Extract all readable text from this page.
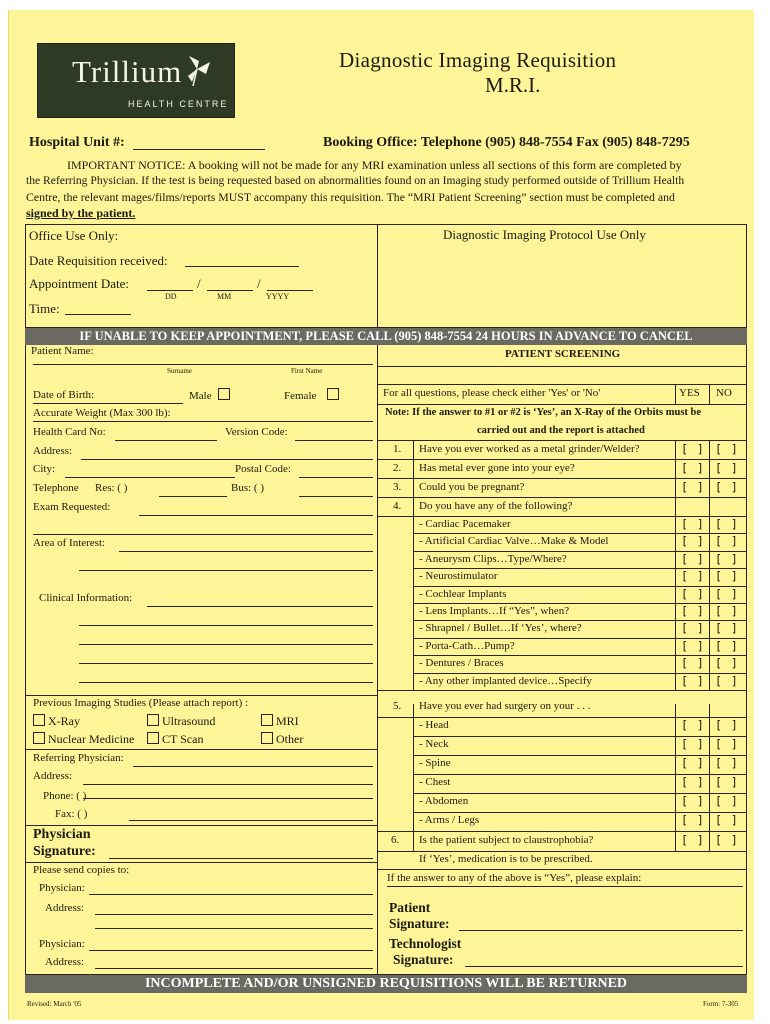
Trillium
HEALTH CENTRE
Diagnostic Imaging Requisition
M.R.I.
Hospital Unit #:	Booking Office: Telephone (905) 848-7554 Fax (905) 848-7295
IMPORTANT NOTICE: A booking will not be made for any MRI examination unless all sections of this form are completed by
the Referring Physician. If the test is being requested based on abnormalities found on an Imaging study performed outside of Trillium Health
Centre, the relevant mages/films/reports MUST accompany this requisition. The “MRI Patient Screening” section must be completed and
signed by the patient.
Office Use Only:	Diagnostic Imaging Protocol Use Only
Date Requisition received:
Appointment Date:	/	/
DD	MM	YYYY
Time:
IF UNABLE TO KEEP APPOINTMENT, PLEASE CALL (905) 848-7554 24 HOURS IN ADVANCE TO CANCEL
Patient Name:
Surname	First Name
Date of Birth:	Male	Female
Accurate Weight (Max 300 lb):
Health Card No:	Version Code:
Address:
City:	Postal Code:
Telephone Res: ( )	Bus: ( )
Exam Requested:
Area of Interest:
Clinical Information:
Previous Imaging Studies (Please attach report) :
X-Ray	Ultrasound	MRI
Nuclear Medicine	CT Scan	Other
Referring Physician:
Address:
Phone: ( )
Fax: ( )
Physician
Signature:
Please send copies to:
Physician:
Address:
Physician:
Address:
PATIENT SCREENING
For all questions, please check either 'Yes' or 'No'	YES NO
Note: If the answer to #1 or #2 is ‘Yes’, an X-Ray of the Orbits must be
carried out and the report is attached
1. Have you ever worked as a metal grinder/Welder?	[ ] [ ]
2. Has metal ever gone into your eye?	[ ] [ ]
3. Could you be pregnant?	[ ] [ ]
4. Do you have any of the following?
- Cardiac Pacemaker	[ ] [ ]
- Artificial Cardiac Valve…Make & Model	[ ] [ ]
- Aneurysm Clips…Type/Where?	[ ] [ ]
- Neurostimulator	[ ] [ ]
- Cochlear Implants	[ ] [ ]
- Lens Implants…If “Yes”, when?	[ ] [ ]
- Shrapnel / Bullet…If ‘Yes’, where?	[ ] [ ]
- Porta-Cath…Pump?	[ ] [ ]
- Dentures / Braces	[ ] [ ]
- Any other implanted device…Specify	[ ] [ ]
5. Have you ever had surgery on your . . .
- Head	[ ] [ ]
- Neck	[ ] [ ]
- Spine	[ ] [ ]
- Chest	[ ] [ ]
- Abdomen	[ ] [ ]
- Arms / Legs	[ ] [ ]
6. Is the patient subject to claustrophobia?	[ ] [ ]
If ‘Yes’, medication is to be prescribed.
If the answer to any of the above is “Yes”, please explain:
Patient
Signature:
Technologist
Signature:
INCOMPLETE AND/OR UNSIGNED REQUISITIONS WILL BE RETURNED
Revised: March '05	Form: 7-305
